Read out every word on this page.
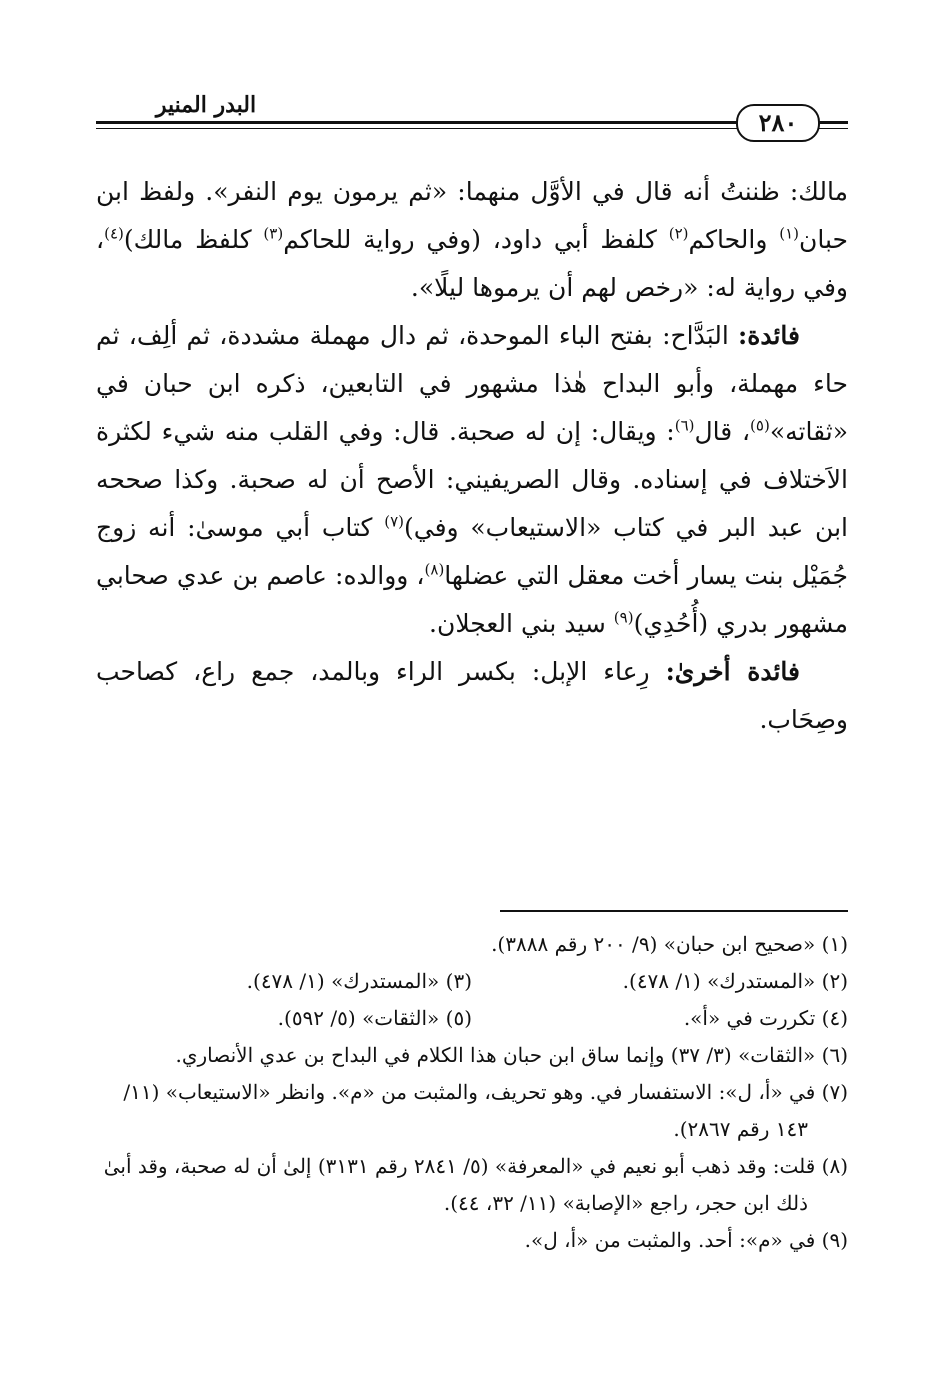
البدر المنير
٢٨٠

مالك: ظننتُ أنه قال في الأوَّل منهما: «ثم يرمون يوم النفر». ولفظ ابن حبان$^{(١)}$ والحاكم$^{(٢)}$ كلفظ أبي داود، (وفي رواية للحاكم$^{(٣)}$ كلفظ مالك)$^{(٤)}$، وفي رواية له: «رخص لهم أن يرموها ليلًا».

فائدة: البَدَّاح: بفتح الباء الموحدة، ثم دال مهملة مشددة، ثم ألِف، ثم حاء مهملة، وأبو البداح هٰذا مشهور في التابعين، ذكره ابن حبان في «ثقاته»$^{(٥)}$، قال$^{(٦)}$: ويقال: إن له صحبة. قال: وفي القلب منه شيء لكثرة الاَختلاف في إسناده. وقال الصريفيني: الأصح أن له صحبة. وكذا صححه ابن عبد البر في كتاب «الاستيعاب» وفي)$^{(٧)}$ كتاب أبي موسىٰ: أنه زوج جُمَيْل بنت يسار أخت معقل التي عضلها$^{(٨)}$، ووالده: عاصم بن عدي صحابي مشهور بدري (أُحُدِي)$^{(٩)}$ سيد بني العجلان.

فائدة أخرىٰ: رِعاء الإبل: بكسر الراء وبالمد، جمع راع، كصاحب وصِحَاب.

(١) «صحيح ابن حبان» (٩/ ٢٠٠ رقم ٣٨٨٨).

(٢) «المستدرك» (١/ ٤٧٨).
(٣) «المستدرك» (١/ ٤٧٨).
(٤) تكررت في «أ».
(٥) «الثقات» (٥/ ٥٩٢).

(٦) «الثقات» (٣/ ٣٧) وإنما ساق ابن حبان هذا الكلام في البداح بن عدي الأنصاري.

(٧) في «أ، ل»: الاستفسار في. وهو تحريف، والمثبت من «م». وانظر «الاستيعاب» (١١/ ١٤٣ رقم ٢٨٦٧).

(٨) قلت: وقد ذهب أبو نعيم في «المعرفة» (٥/ ٢٨٤١ رقم ٣١٣١) إلىٰ أن له صحبة، وقد أبىٰ ذلك ابن حجر، راجع «الإصابة» (١١/ ٣٢، ٤٤).

(٩) في «م»: أحد. والمثبت من «أ، ل».
